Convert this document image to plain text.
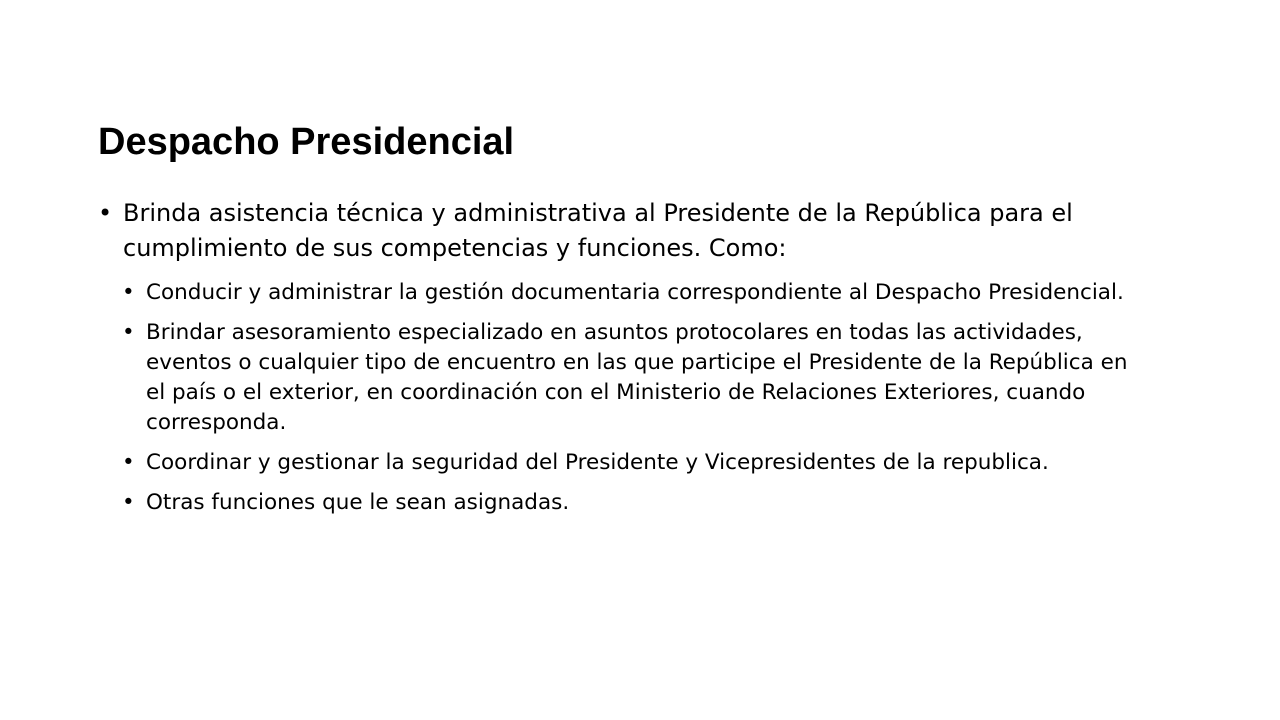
Despacho Presidencial
• Brinda asistencia técnica y administrativa al Presidente de la República para el cumplimiento de sus competencias y funciones. Como:
• Conducir y administrar la gestión documentaria correspondiente al Despacho Presidencial.
• Brindar asesoramiento especializado en asuntos protocolares en todas las actividades, eventos o cualquier tipo de encuentro en las que participe el Presidente de la República en el país o el exterior, en coordinación con el Ministerio de Relaciones Exteriores, cuando corresponda.
• Coordinar y gestionar la seguridad del Presidente y Vicepresidentes de la republica.
• Otras funciones que le sean asignadas.
